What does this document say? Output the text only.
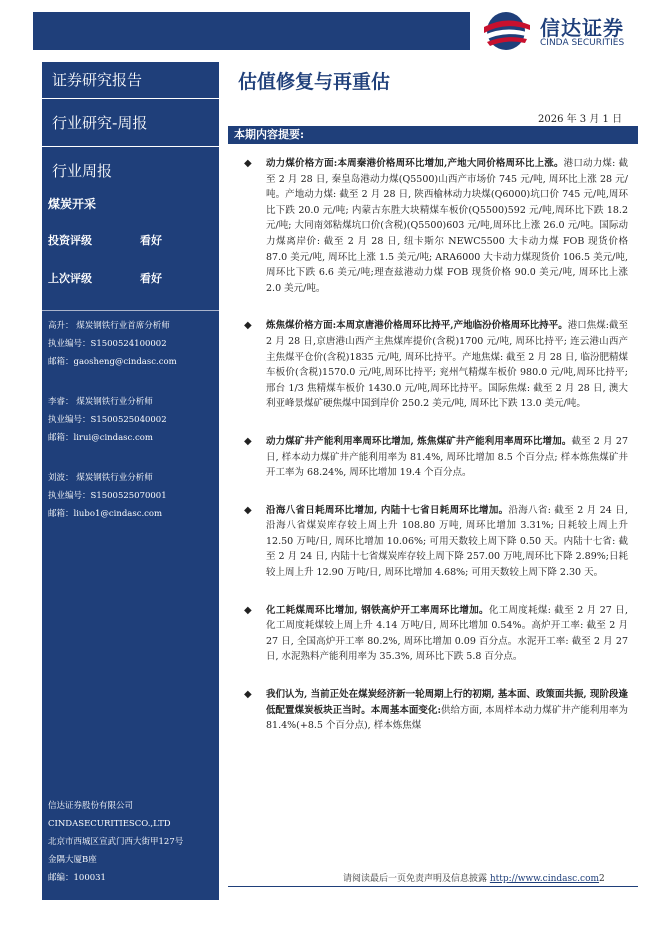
信达证券
CINDA SECURITIES
证券研究报告
行业研究-周报
行业周报
煤炭开采
投资评级	看好
上次评级	看好
高升： 煤炭钢铁行业首席分析师
执业编号：S1500524100002
邮箱：gaosheng@cindasc.com
李睿： 煤炭钢铁行业分析师
执业编号：S1500525040002
邮箱：lirui@cindasc.com
刘波： 煤炭钢铁行业分析师
执业编号：S1500525070001
邮箱：liubo1@cindasc.com
信达证券股份有限公司
CINDASECURITIESCO.,LTD
北京市西城区宣武门西大街甲127号
金隅大厦B座
邮编：100031
估值修复与再重估
2026 年 3 月 1 日
本期内容提要:
◆ 动力煤价格方面:本周秦港价格周环比增加,产地大同价格周环比上涨。港口动力煤: 截至 2 月 28 日, 秦皇岛港动力煤(Q5500)山西产市场价 745 元/吨, 周环比上涨 28 元/吨。产地动力煤: 截至 2 月 28 日, 陕西榆林动力块煤(Q6000)坑口价 745 元/吨,周环比下跌 20.0 元/吨; 内蒙古东胜大块精煤车板价(Q5500)592 元/吨,周环比下跌 18.2 元/吨; 大同南郊粘煤坑口价(含税)(Q5500)603 元/吨,周环比上涨 26.0 元/吨。国际动力煤离岸价: 截至 2 月 28 日, 纽卡斯尔 NEWC5500 大卡动力煤 FOB 现货价格 87.0 美元/吨, 周环比上涨 1.5 美元/吨; ARA6000 大卡动力煤现货价 106.5 美元/吨, 周环比下跌 6.6 美元/吨;理查兹港动力煤 FOB 现货价格 90.0 美元/吨, 周环比上涨 2.0 美元/吨。
◆ 炼焦煤价格方面:本周京唐港价格周环比持平,产地临汾价格周环比持平。港口焦煤:截至 2 月 28 日,京唐港山西产主焦煤库提价(含税)1700 元/吨, 周环比持平; 连云港山西产主焦煤平仓价(含税)1835 元/吨, 周环比持平。产地焦煤: 截至 2 月 28 日, 临汾肥精煤车板价(含税)1570.0 元/吨,周环比持平; 兖州气精煤车板价 980.0 元/吨,周环比持平; 邢台 1/3 焦精煤车板价 1430.0 元/吨,周环比持平。国际焦煤: 截至 2 月 28 日, 澳大利亚峰景煤矿硬焦煤中国到岸价 250.2 美元/吨, 周环比下跌 13.0 美元/吨。
◆ 动力煤矿井产能利用率周环比增加, 炼焦煤矿井产能利用率周环比增加。截至 2 月 27 日, 样本动力煤矿井产能利用率为 81.4%, 周环比增加 8.5 个百分点; 样本炼焦煤矿井开工率为 68.24%, 周环比增加 19.4 个百分点。
◆ 沿海八省日耗周环比增加, 内陆十七省日耗周环比增加。沿海八省: 截至 2 月 24 日, 沿海八省煤炭库存较上周上升 108.80 万吨, 周环比增加 3.31%; 日耗较上周上升 12.50 万吨/日, 周环比增加 10.06%; 可用天数较上周下降 0.50 天。内陆十七省: 截至 2 月 24 日, 内陆十七省煤炭库存较上周下降 257.00 万吨,周环比下降 2.89%;日耗较上周上升 12.90 万吨/日, 周环比增加 4.68%; 可用天数较上周下降 2.30 天。
◆ 化工耗煤周环比增加, 钢铁高炉开工率周环比增加。化工周度耗煤: 截至 2 月 27 日, 化工周度耗煤较上周上升 4.14 万吨/日, 周环比增加 0.54%。高炉开工率: 截至 2 月 27 日, 全国高炉开工率 80.2%, 周环比增加 0.09 百分点。水泥开工率: 截至 2 月 27 日, 水泥熟料产能利用率为 35.3%, 周环比下跌 5.8 百分点。
◆ 我们认为, 当前正处在煤炭经济新一轮周期上行的初期, 基本面、政策面共振, 现阶段逢低配置煤炭板块正当时。本周基本面变化:供给方面, 本周样本动力煤矿井产能利用率为 81.4%(+8.5 个百分点), 样本炼焦煤
请阅读最后一页免责声明及信息披露 http://www.cindasc.com2
